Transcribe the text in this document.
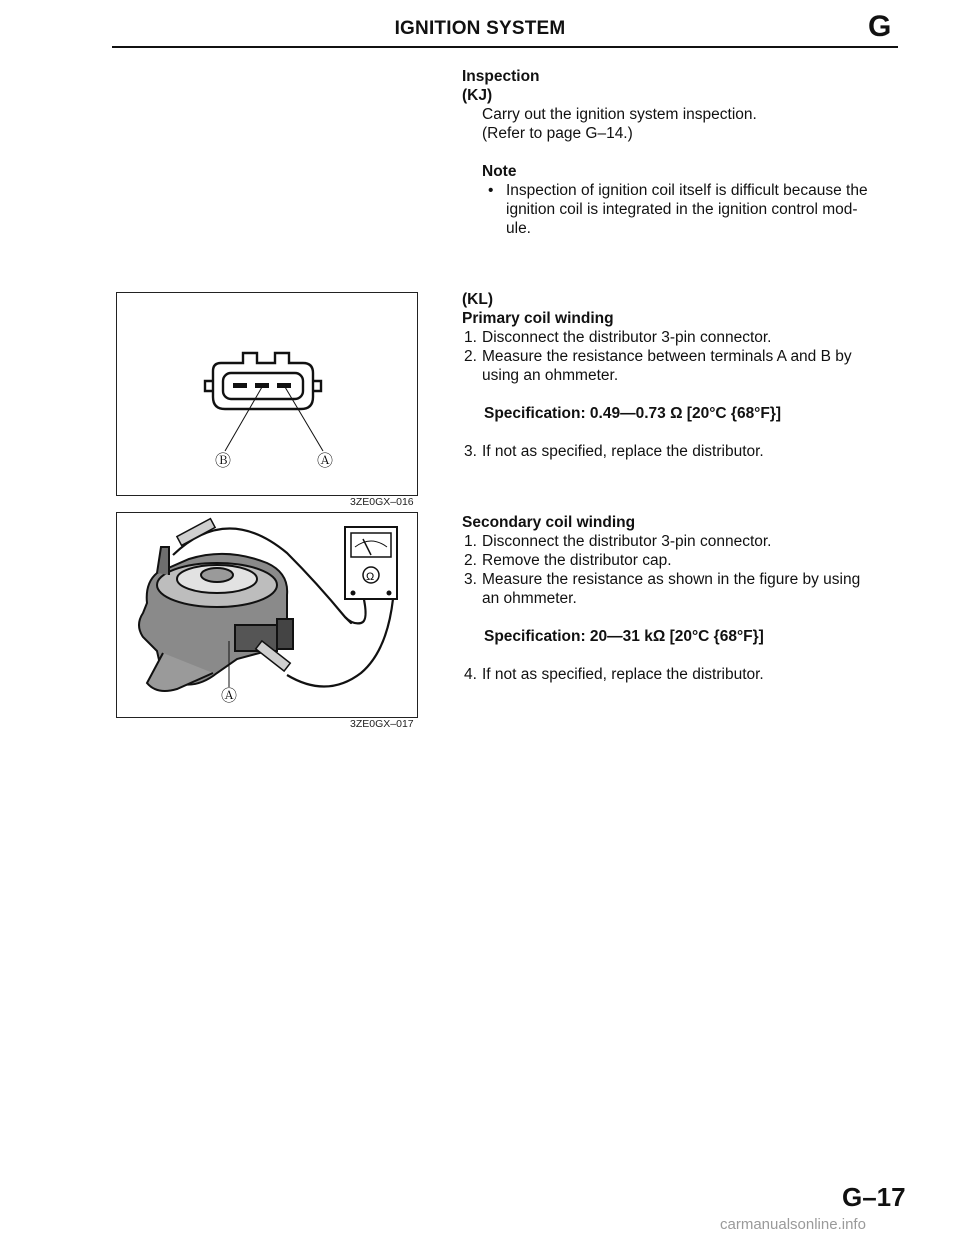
IGNITION SYSTEM	G
Inspection
(KJ)
Carry out the ignition system inspection.
(Refer to page G–14.)
Note
• Inspection of ignition coil itself is difficult because the
ignition coil is integrated in the ignition control mod-
ule.
(KL)
Primary coil winding
1. Disconnect the distributor 3-pin connector.
2. Measure the resistance between terminals A and B by
using an ohmmeter.
Specification: 0.49—0.73 Ω [20°C {68°F}]
3. If not as specified, replace the distributor.
Secondary coil winding
1. Disconnect the distributor 3-pin connector.
2. Remove the distributor cap.
3. Measure the resistance as shown in the figure by using
an ohmmeter.
Specification: 20—31 kΩ [20°C {68°F}]
4. If not as specified, replace the distributor.
Ⓑ	Ⓐ
3ZE0GX–016
Ω
Ⓐ
3ZE0GX–017
G–17
carmanualsonline.info
